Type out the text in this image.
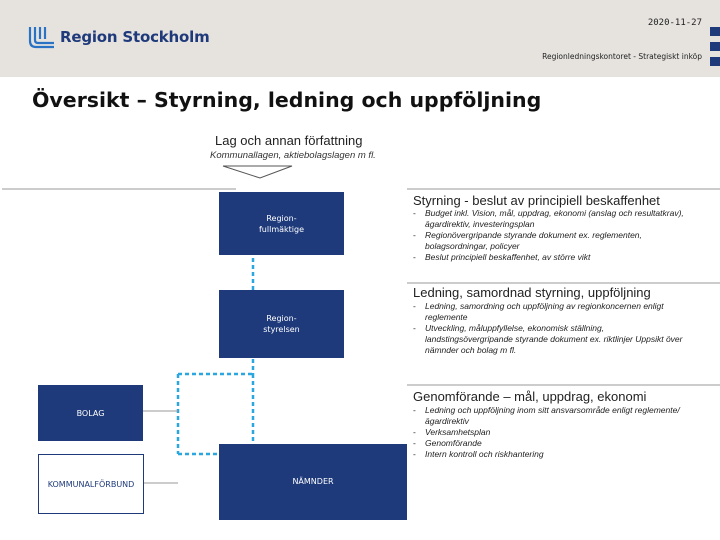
Region Stockholm
2020-11-27
Regionledningskontoret - Strategiskt inköp
Översikt – Styrning, ledning och uppföljning
Lag och annan författning
Kommunallagen, aktiebolagslagen m fl.
Region-
fullmäktige
Region-
styrelsen
BOLAG
KOMMUNALFÖRBUND	NÄMNDER
Styrning - beslut av principiell beskaffenhet
- Budget inkl. Vision, mål, uppdrag, ekonomi (anslag och resultatkrav), ägardirektiv, investeringsplan
- Regionövergripande styrande dokument ex. reglementen, bolagsordningar, policyer
- Beslut principiell beskaffenhet, av större vikt
Ledning, samordnad styrning, uppföljning
- Ledning, samordning och uppföljning av regionkoncernen enligt reglemente
- Utveckling, måluppfyllelse, ekonomisk ställning, landstingsövergripande styrande dokument ex. riktlinjer Uppsikt över nämnder och bolag m fl.
Genomförande – mål, uppdrag, ekonomi
- Ledning och uppföljning inom sitt ansvarsområde enligt reglemente/ägardirektiv
- Verksamhetsplan
- Genomförande
- Intern kontroll och riskhantering
